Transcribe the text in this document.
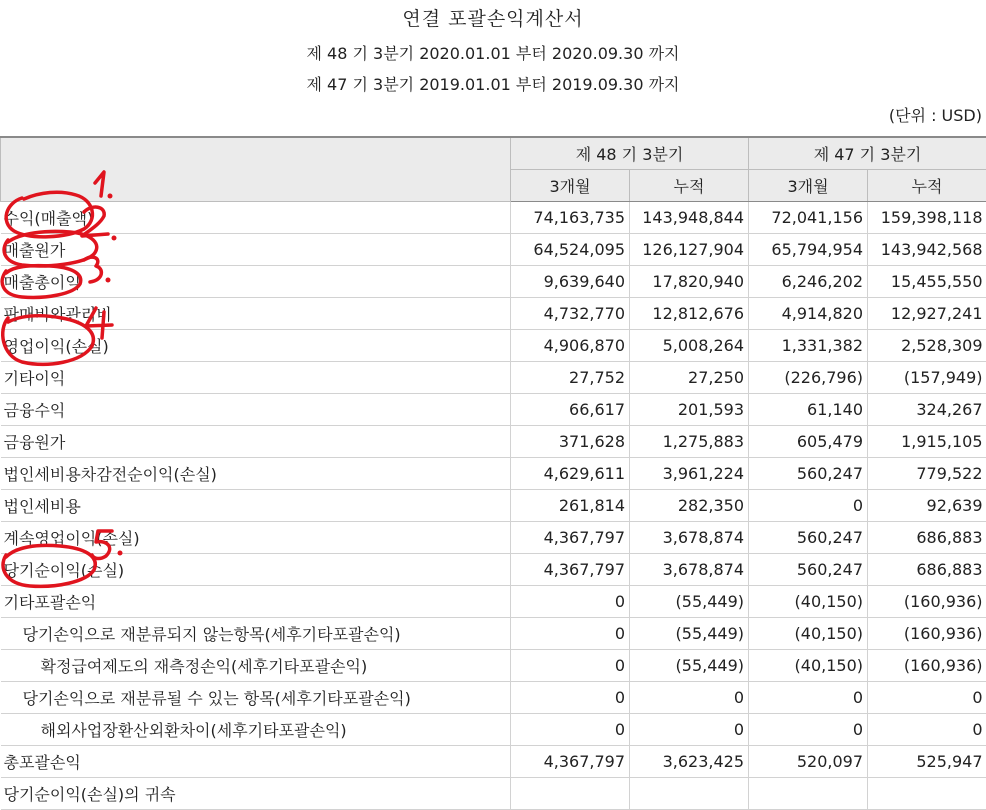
연결 포괄손익계산서
제 48 기 3분기 2020.01.01 부터 2020.09.30 까지
제 47 기 3분기 2019.01.01 부터 2019.09.30 까지
(단위 : USD)
	제 48 기 3분기		제 47 기 3분기	
	3개월	누적	3개월	누적
수익(매출액)	74,163,735	143,948,844	72,041,156	159,398,118
매출원가	64,524,095	126,127,904	65,794,954	143,942,568
매출총이익	9,639,640	17,820,940	6,246,202	15,455,550
판매비와관리비	4,732,770	12,812,676	4,914,820	12,927,241
영업이익(손실)	4,906,870	5,008,264	1,331,382	2,528,309
기타이익	27,752	27,250	(226,796)	(157,949)
금융수익	66,617	201,593	61,140	324,267
금융원가	371,628	1,275,883	605,479	1,915,105
법인세비용차감전순이익(손실)	4,629,611	3,961,224	560,247	779,522
법인세비용	261,814	282,350	0	92,639
계속영업이익(손실)	4,367,797	3,678,874	560,247	686,883
당기순이익(손실)	4,367,797	3,678,874	560,247	686,883
기타포괄손익	0	(55,449)	(40,150)	(160,936)
당기손익으로 재분류되지 않는항목(세후기타포괄손익)	0	(55,449)	(40,150)	(160,936)
확정급여제도의 재측정손익(세후기타포괄손익)	0	(55,449)	(40,150)	(160,936)
당기손익으로 재분류될 수 있는 항목(세후기타포괄손익)	0	0	0	0
해외사업장환산외환차이(세후기타포괄손익)	0	0	0	0
총포괄손익	4,367,797	3,623,425	520,097	525,947
당기순이익(손실)의 귀속				
